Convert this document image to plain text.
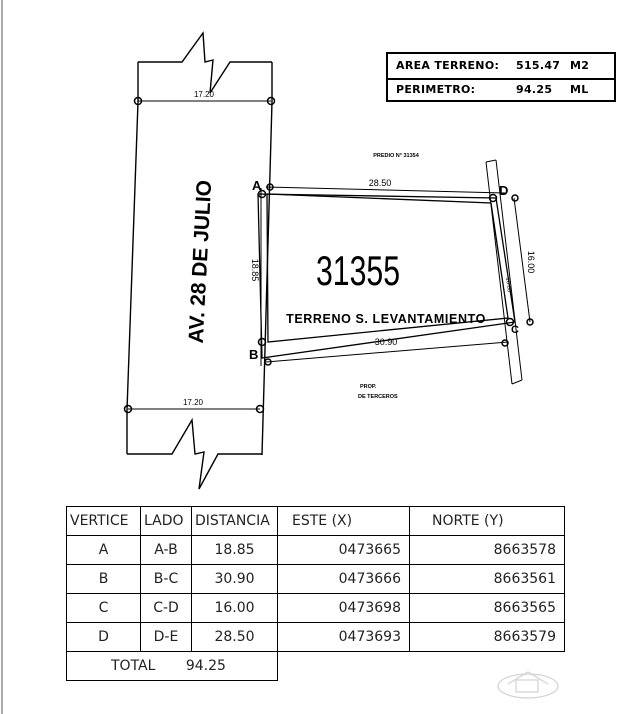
17.20
17.20
AV. 28 DE JULIO	A
B
D
C
28.50
30.90
18.85	16.00
16.00
31355
TERRENO S. LEVANTAMIENTO
PREDIO N° 31354
PROP.
DE TERCEROS
AREA TERRENO: 515.47 M2
PERIMETRO:	94.25 ML
VERTICE	LADO	DISTANCIA	ESTE (X)	NORTE (Y)
A	A-B	18.85	0473665	8663578
B	B-C	30.90	0473666	8663561
C	C-D	16.00	0473698	8663565
D	D-E	28.50	0473693	8663579
TOTAL 94.25				
